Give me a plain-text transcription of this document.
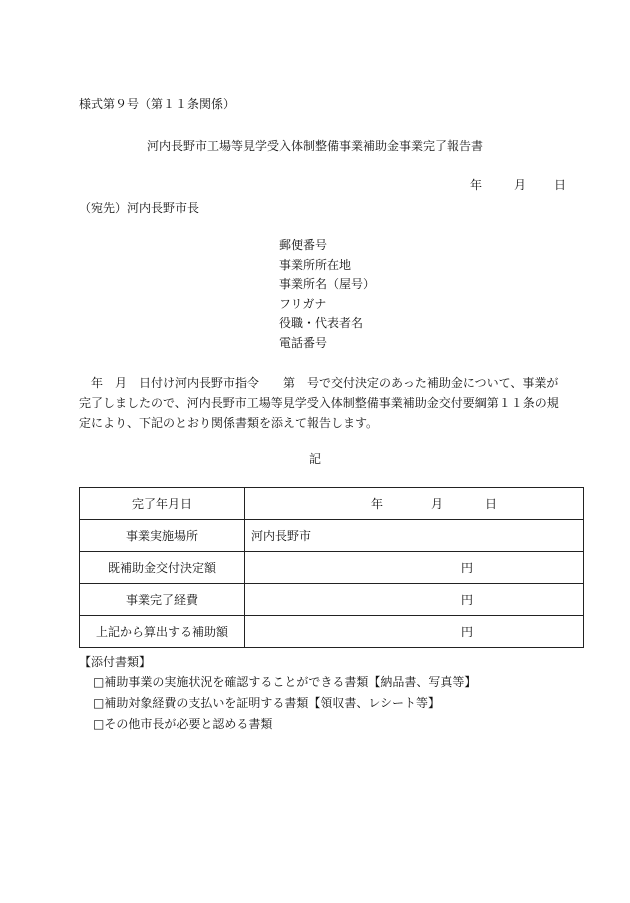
様式第９号（第１１条関係）
河内長野市工場等見学受入体制整備事業補助金事業完了報告書
年	月 日
（宛先）河内長野市長
郵便番号
事業所所在地
事業所名（屋号）
フリガナ
役職・代表者名
電話番号
　年　月　日付け河内長野市指令　　第　号で交付決定のあった補助金について、事業が
完了しましたので、河内長野市工場等見学受入体制整備事業補助金交付要綱第１１条の規
定により、下記のとおり関係書類を添えて報告します。
記
完了年月日	年 月 日
事業実施場所	河内長野市
既補助金交付決定額	円
事業完了経費	円
上記から算出する補助額	円
【添付書類】
□補助事業の実施状況を確認することができる書類【納品書、写真等】
□補助対象経費の支払いを証明する書類【領収書、レシート等】
□その他市長が必要と認める書類
